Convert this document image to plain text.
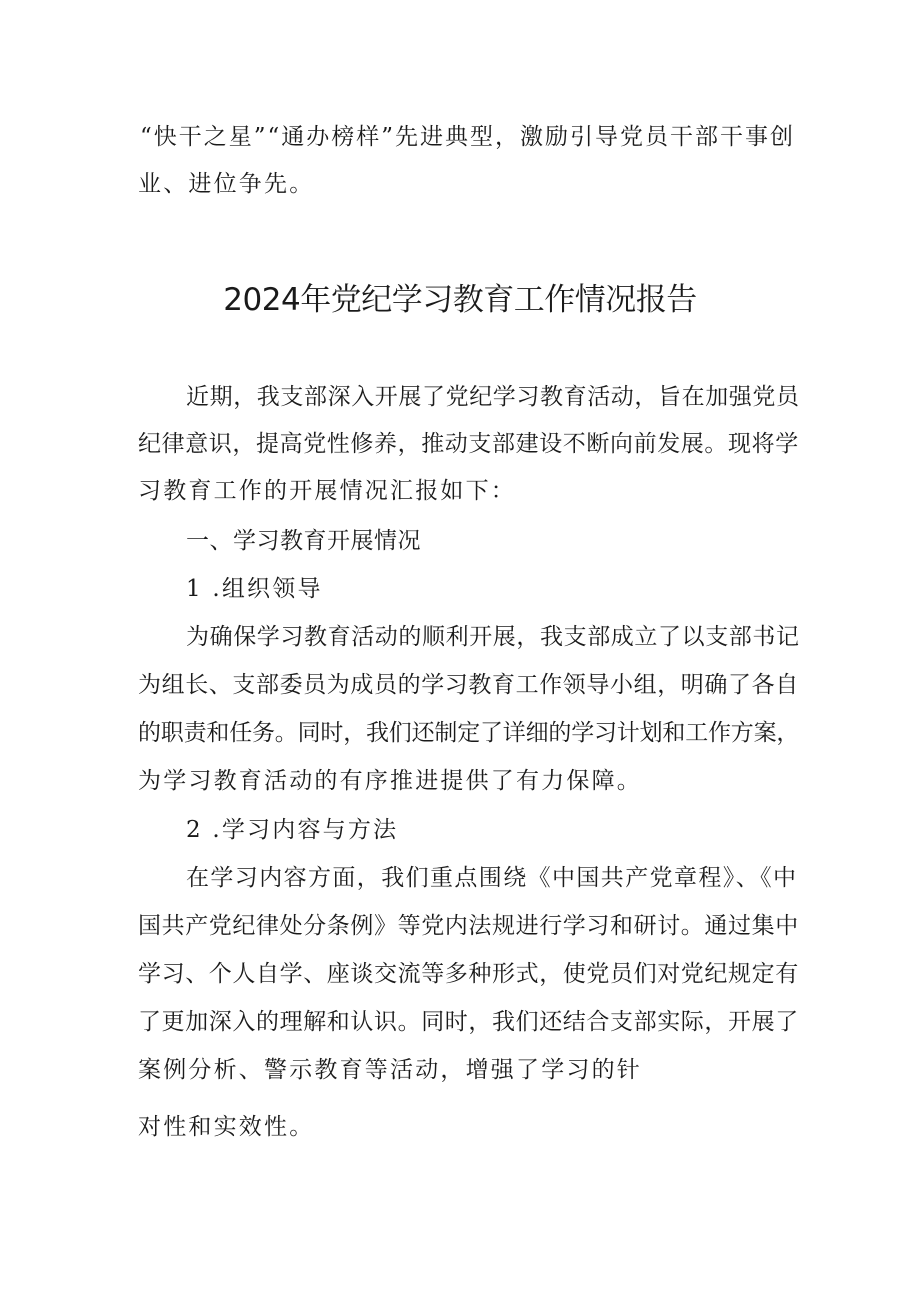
“快干之星”“通办榜样”先进典型，激励引导党员干部干事创
业、进位争先。
2024年党纪学习教育工作情况报告
近期，我支部深入开展了党纪学习教育活动，旨在加强党员
纪律意识，提高党性修养，推动支部建设不断向前发展。现将学
习教育工作的开展情况汇报如下：
一、学习教育开展情况
1 .组织领导
为确保学习教育活动的顺利开展，我支部成立了以支部书记
为组长、支部委员为成员的学习教育工作领导小组，明确了各自
的职责和任务。同时，我们还制定了详细的学习计划和工作方案，
为学习教育活动的有序推进提供了有力保障。
2 .学习内容与方法
在学习内容方面，我们重点围绕《中国共产党章程》、《中
国共产党纪律处分条例》等党内法规进行学习和研讨。通过集中
学习、个人自学、座谈交流等多种形式，使党员们对党纪规定有
了更加深入的理解和认识。同时，我们还结合支部实际，开展了
案例分析、警示教育等活动，增强了学习的针
对性和实效性。
